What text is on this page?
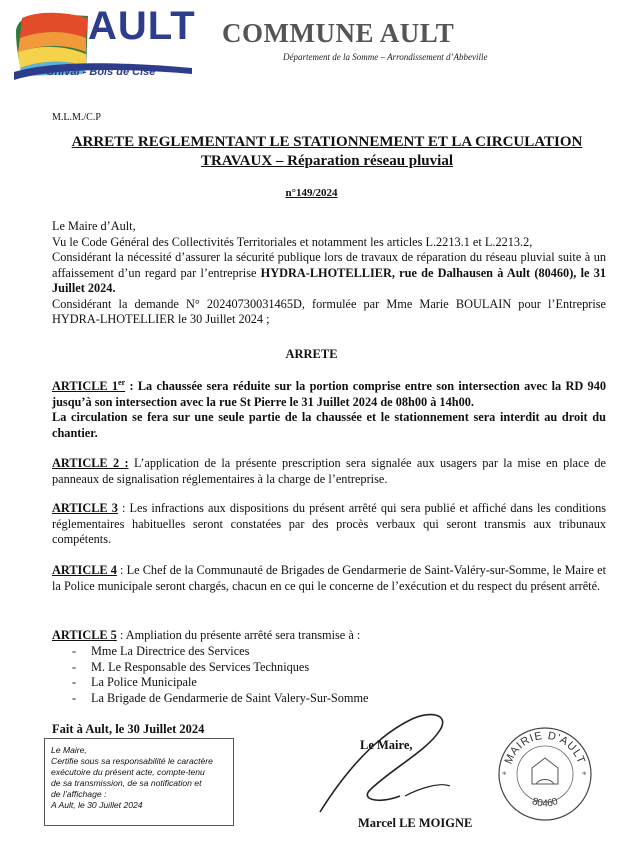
AULT
Onival - Bois de Cise
COMMUNE AULT
Département de la Somme – Arrondissement d’Abbeville
M.L.M./C.P
ARRETE REGLEMENTANT LE STATIONNEMENT ET LA CIRCULATION
TRAVAUX – Réparation réseau pluvial
n°149/2024
Le Maire d’Ault,
Vu le Code Général des Collectivités Territoriales et notamment les articles L.2213.1 et L.2213.2,
Considérant la nécessité d’assurer la sécurité publique lors de travaux de réparation du réseau pluvial suite à un affaissement d’un regard par l’entreprise HYDRA-LHOTELLIER, rue de Dalhausen à Ault (80460), le 31 Juillet 2024.
Considérant la demande N° 20240730031465D, formulée par Mme Marie BOULAIN pour l’Entreprise HYDRA-LHOTELLIER le 30 Juillet 2024 ;
ARRETE
ARTICLE 1er : La chaussée sera réduite sur la portion comprise entre son intersection avec la RD 940 jusqu’à son intersection avec la rue St Pierre le 31 Juillet 2024 de 08h00 à 14h00.
La circulation se fera sur une seule partie de la chaussée et le stationnement sera interdit au droit du chantier.
ARTICLE 2 : L’application de la présente prescription sera signalée aux usagers par la mise en place de panneaux de signalisation réglementaires à la charge de l’entreprise.
ARTICLE 3 : Les infractions aux dispositions du présent arrêté qui sera publié et affiché dans les conditions réglementaires habituelles seront constatées par des procès verbaux qui seront transmis aux tribunaux compétents.
ARTICLE 4 : Le Chef de la Communauté de Brigades de Gendarmerie de Saint-Valéry-sur-Somme, le Maire et la Police municipale seront chargés, chacun en ce qui le concerne de l’exécution et du respect du présent arrêté.
ARTICLE 5 : Ampliation du présente arrêté sera transmise à :
- Mme La Directrice des Services
- M. Le Responsable des Services Techniques
- La Police Municipale
- La Brigade de Gendarmerie de Saint Valery-Sur-Somme
Fait à Ault, le 30 Juillet 2024
Le Maire,
Certifie sous sa responsabilité le caractère
exécutoire du présent acte, compte-tenu
de sa transmission, de sa notification et
de l’affichage :
A Ault, le 30 Juillet 2024
Le Maire,
Marcel LE MOIGNE
MAIRIE D'AULT
80460
*	*
